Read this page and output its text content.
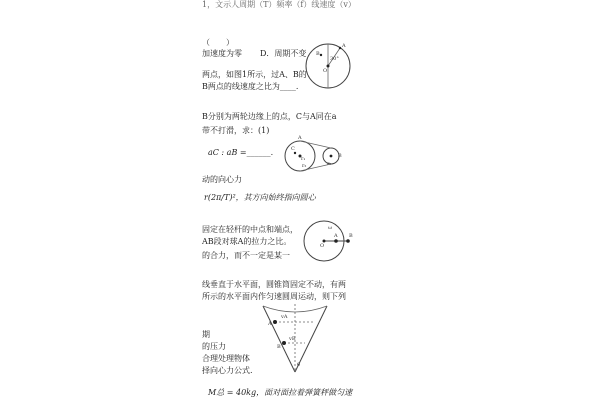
1，文示人周期（T）频率（f）线速度（v）
（　　）
加速度为零 D．周期不变
两点，如图1所示，过A、B的
B两点的线速度之比为____.
B分别为两轮边缘上的点，C与A同在a
带不打滑，求：(1)
aC : aB =______.
动的向心力
r(2π/T)²，其方向始终指向圆心
固定在轻杆的中点和端点，
AB段对球A的拉力之比。
的合力，而不一定是某一
线垂直于水平面，圆锥筒固定不动，有两
所示的水平面内作匀速圆周运动，则下列
期
的压力
合理处理物体
择向心力公式.
M总 = 40kg，面对面拉着弹簧秤做匀速
A
O
B
30°
A
C
B
r₁
r₂	r₃
O
A B
ω
vA
vB
A
B
θ
